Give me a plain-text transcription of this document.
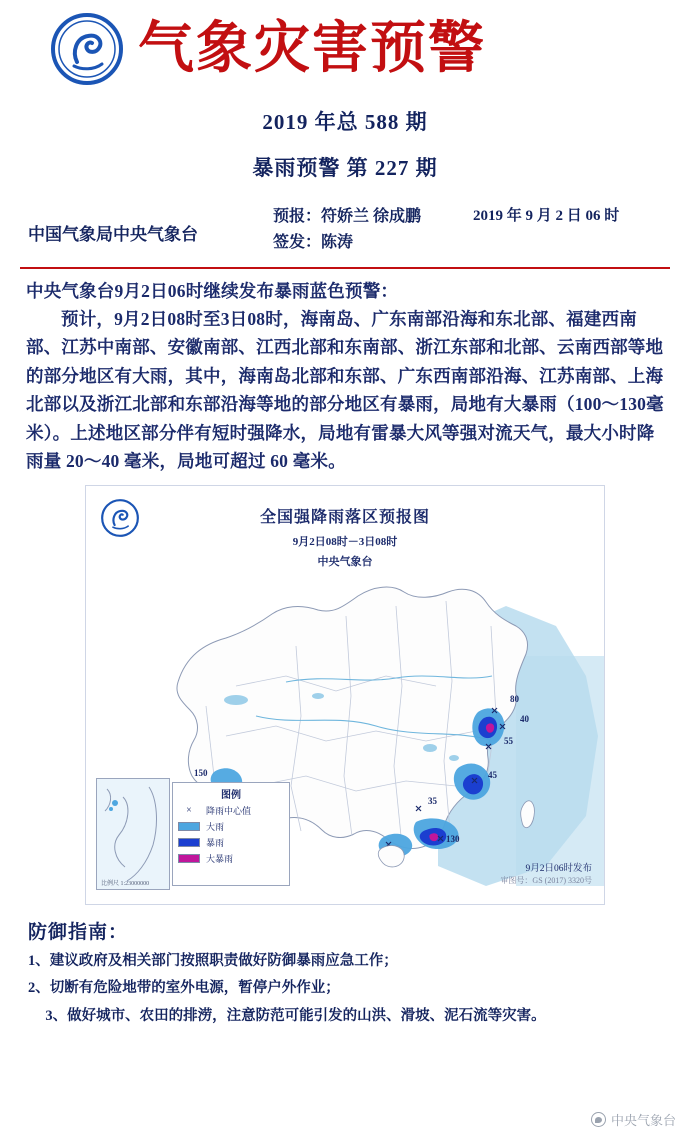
气象灾害预警
2019 年总 588 期
暴雨预警 第 227 期
中国气象局中央气象台
预报：符娇兰 徐成鹏
签发：陈涛
2019 年 9 月 2 日 06 时

中央气象台9月2日06时继续发布暴雨蓝色预警：

预计，9月2日08时至3日08时，海南岛、广东南部沿海和东北部、福建西南部、江苏中南部、安徽南部、江西北部和东南部、浙江东部和北部、云南西部等地的部分地区有大雨，其中，海南岛北部和东部、广东西南部沿海、江苏南部、上海北部以及浙江北部和东部沿海等地的部分地区有暴雨，局地有大暴雨（100～130毫米）。上述地区部分伴有短时强降水，局地有雷暴大风等强对流天气，最大小时降雨量 20～40 毫米，局地可超过 60 毫米。

全国强降雨落区预报图
9月2日08时－3日08时
中央气象台
80
40
55
45
35
130
150
比例尺 1:23000000
图例
×	降雨中心值
大雨
暴雨
大暴雨
9月2日06时发布
审图号：GS (2017) 3320号
防御指南：
1、建议政府及相关部门按照职责做好防御暴雨应急工作；
2、切断有危险地带的室外电源，暂停户外作业；
3、做好城市、农田的排涝，注意防范可能引发的山洪、滑坡、泥石流等灾害。
中央气象台
